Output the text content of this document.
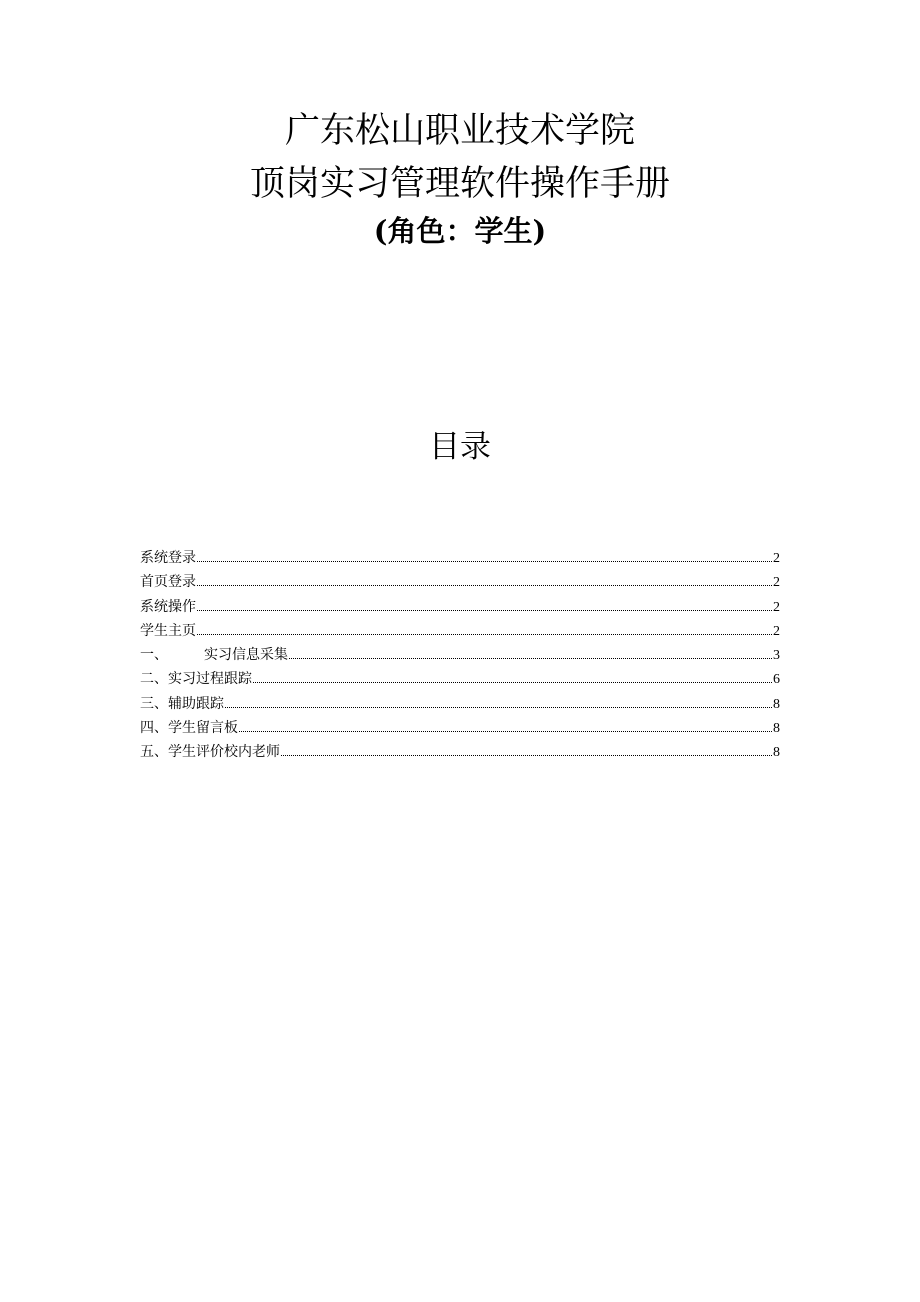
广东松山职业技术学院
顶岗实习管理软件操作手册
(角色：学生)
目录
系统登录	2
首页登录	2
系统操作	2
学生主页	2
一、	实习信息采集	3
二、 实习过程跟踪	6
三、 辅助跟踪	8
四、 学生留言板	8
五、 学生评价校内老师	8
